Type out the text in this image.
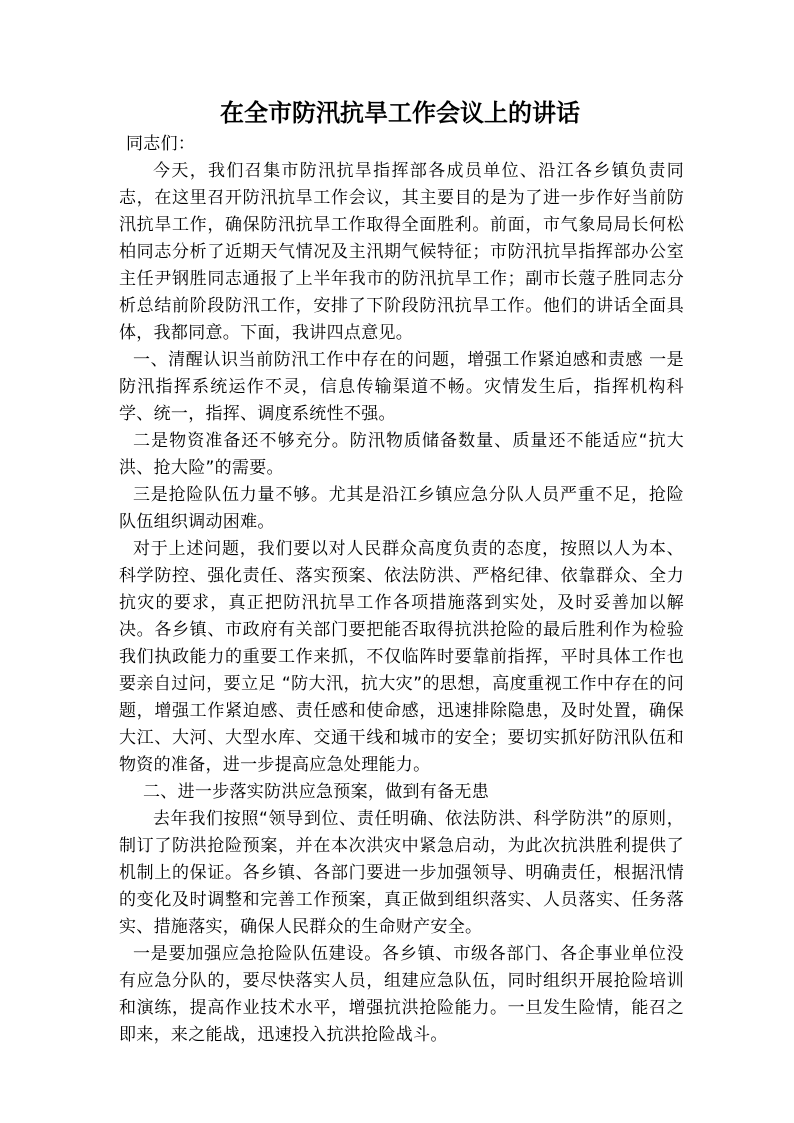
在全市防汛抗旱工作会议上的讲话

同志们：

今天，我们召集市防汛抗旱指挥部各成员单位、沿江各乡镇负责同志，在这里召开防汛抗旱工作会议，其主要目的是为了进一步作好当前防汛抗旱工作，确保防汛抗旱工作取得全面胜利。前面，市气象局局长何松柏同志分析了近期天气情况及主汛期气候特征；市防汛抗旱指挥部办公室主任尹钢胜同志通报了上半年我市的防汛抗旱工作；副市长蔻子胜同志分析总结前阶段防汛工作，安排了下阶段防汛抗旱工作。他们的讲话全面具体，我都同意。下面，我讲四点意见。

一、清醒认识当前防汛工作中存在的问题，增强工作紧迫感和责感 一是防汛指挥系统运作不灵，信息传输渠道不畅。灾情发生后，指挥机构科学、统一，指挥、调度系统性不强。

二是物资准备还不够充分。防汛物质储备数量、质量还不能适应“抗大洪、抢大险”的需要。

三是抢险队伍力量不够。尤其是沿江乡镇应急分队人员严重不足，抢险队伍组织调动困难。

对于上述问题，我们要以对人民群众高度负责的态度，按照以人为本、科学防控、强化责任、落实预案、依法防洪、严格纪律、依靠群众、全力抗灾的要求，真正把防汛抗旱工作各项措施落到实处，及时妥善加以解决。各乡镇、市政府有关部门要把能否取得抗洪抢险的最后胜利作为检验我们执政能力的重要工作来抓，不仅临阵时要靠前指挥，平时具体工作也要亲自过问，要立足 “防大汛，抗大灾”的思想，高度重视工作中存在的问题，增强工作紧迫感、责任感和使命感，迅速排除隐患，及时处置，确保大江、大河、大型水库、交通干线和城市的安全；要切实抓好防汛队伍和物资的准备，进一步提高应急处理能力。

二、进一步落实防洪应急预案，做到有备无患

去年我们按照“领导到位、责任明确、依法防洪、科学防洪”的原则，制订了防洪抢险预案，并在本次洪灾中紧急启动，为此次抗洪胜利提供了机制上的保证。各乡镇、各部门要进一步加强领导、明确责任，根据汛情的变化及时调整和完善工作预案，真正做到组织落实、人员落实、任务落实、措施落实，确保人民群众的生命财产安全。

一是要加强应急抢险队伍建设。各乡镇、市级各部门、各企事业单位没有应急分队的，要尽快落实人员，组建应急队伍，同时组织开展抢险培训和演练，提高作业技术水平，增强抗洪抢险能力。一旦发生险情，能召之即来，来之能战，迅速投入抗洪抢险战斗。
